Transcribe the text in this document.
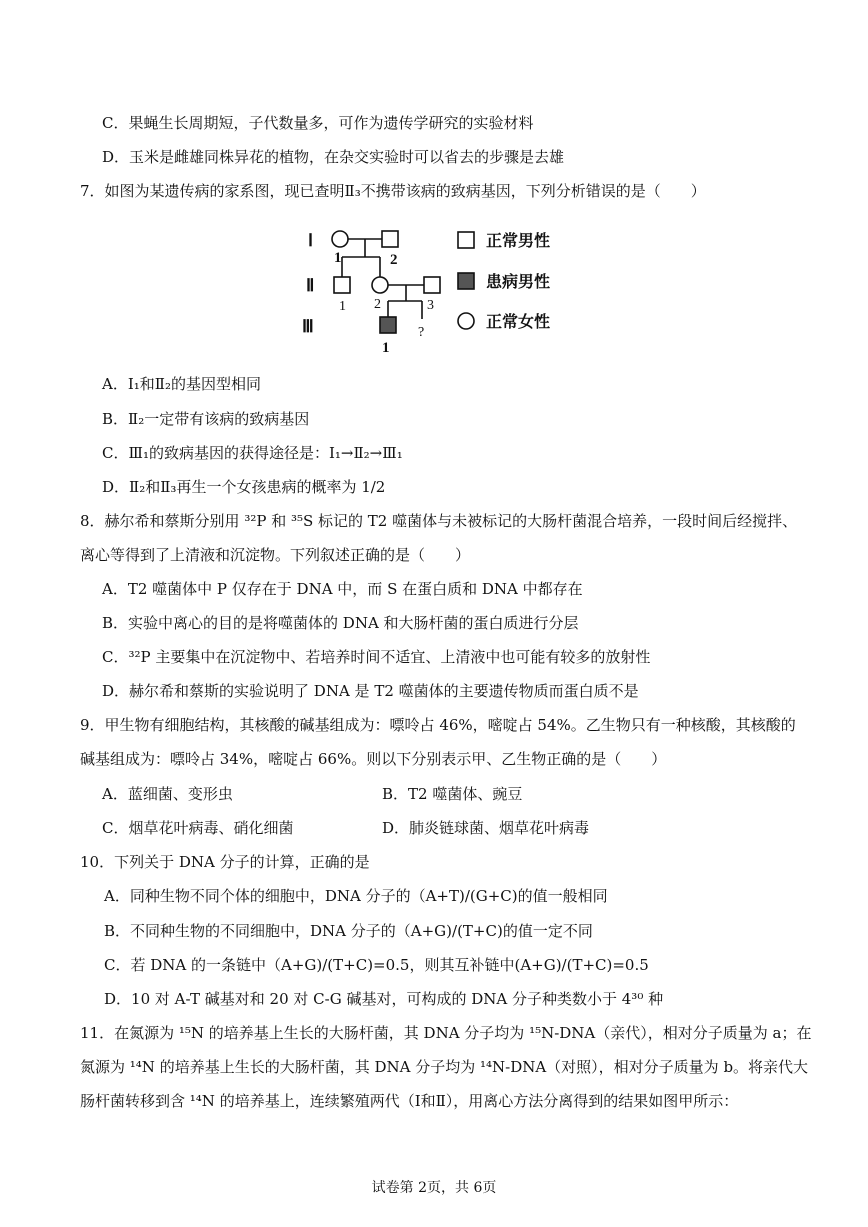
C．果蝇生长周期短，子代数量多，可作为遗传学研究的实验材料
D．玉米是雌雄同株异花的植物，在杂交实验时可以省去的步骤是去雄
7．如图为某遗传病的家系图，现已查明Ⅱ₃不携带该病的致病基因，下列分析错误的是（　　）
Ⅰ
Ⅱ
Ⅲ
1	2
1
正常男性
患病男性
正常女性
1 2	3
?
A．I₁和Ⅱ₂的基因型相同
B．Ⅱ₂一定带有该病的致病基因
C．Ⅲ₁的致病基因的获得途径是：I₁→Ⅱ₂→Ⅲ₁
D．Ⅱ₂和Ⅱ₃再生一个女孩患病的概率为 1/2
8．赫尔希和蔡斯分别用 ³²P 和 ³⁵S 标记的 T2 噬菌体与未被标记的大肠杆菌混合培养，一段时间后经搅拌、
离心等得到了上清液和沉淀物。下列叙述正确的是（　　）
A．T2 噬菌体中 P 仅存在于 DNA 中，而 S 在蛋白质和 DNA 中都存在
B．实验中离心的目的是将噬菌体的 DNA 和大肠杆菌的蛋白质进行分层
C．³²P 主要集中在沉淀物中、若培养时间不适宜、上清液中也可能有较多的放射性
D．赫尔希和蔡斯的实验说明了 DNA 是 T2 噬菌体的主要遗传物质而蛋白质不是
9．甲生物有细胞结构，其核酸的碱基组成为：嘌呤占 46%，嘧啶占 54%。乙生物只有一种核酸，其核酸的
碱基组成为：嘌呤占 34%，嘧啶占 66%。则以下分别表示甲、乙生物正确的是（　　）
A．蓝细菌、变形虫	B．T2 噬菌体、豌豆
C．烟草花叶病毒、硝化细菌	D．肺炎链球菌、烟草花叶病毒
10．下列关于 DNA 分子的计算，正确的是
A．同种生物不同个体的细胞中，DNA 分子的（A+T)/(G+C)的值一般相同
B．不同种生物的不同细胞中，DNA 分子的（A+G)/(T+C)的值一定不同
C．若 DNA 的一条链中（A+G)/(T+C)=0.5，则其互补链中(A+G)/(T+C)=0.5
D．10 对 A-T 碱基对和 20 对 C-G 碱基对，可构成的 DNA 分子种类数小于 4³⁰ 种
11．在氮源为 ¹⁵N 的培养基上生长的大肠杆菌，其 DNA 分子均为 ¹⁵N-DNA（亲代），相对分子质量为 a；在
氮源为 ¹⁴N 的培养基上生长的大肠杆菌，其 DNA 分子均为 ¹⁴N-DNA（对照），相对分子质量为 b。将亲代大
肠杆菌转移到含 ¹⁴N 的培养基上，连续繁殖两代（Ⅰ和Ⅱ），用离心方法分离得到的结果如图甲所示：
试卷第 2页，共 6页
